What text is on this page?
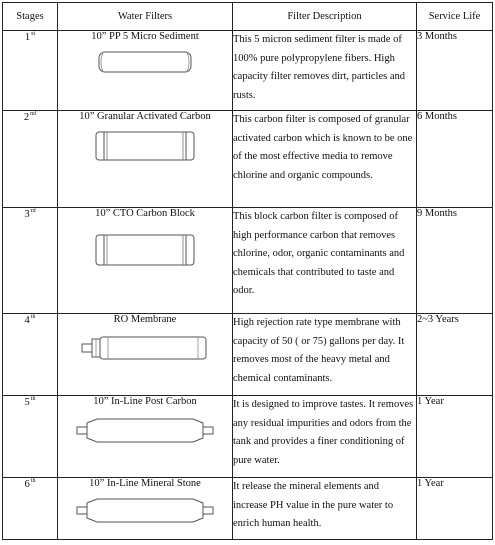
Stages	Water Filters	Filter Description	Service Life
1st	10” PP 5 Micro Sediment	This 5 micron sediment filter is made of 100% pure polypropylene fibers. High capacity filter removes dirt, particles and rusts.	3 Months
2nd	10” Granular Activated Carbon	This carbon filter is composed of granular activated carbon which is known to be one of the most effective media to remove chlorine and organic compounds.	6 Months
3rd	10” CTO Carbon Block	This block carbon filter is composed of high performance carbon that removes chlorine, odor, organic contaminants and chemicals that contributed to taste and odor.	9 Months
4th	RO Membrane	High rejection rate type membrane with capacity of 50 ( or 75) gallons per day. It removes most of the heavy metal and chemical contaminants.	2~3 Years
5th	10” In-Line Post Carbon	It is designed to improve tastes. It removes any residual impurities and odors from the tank and provides a finer conditioning of pure water.	1 Year
6th	10” In-Line Mineral Stone	It release the mineral elements and increase PH value in the pure water to enrich human health.	1 Year
